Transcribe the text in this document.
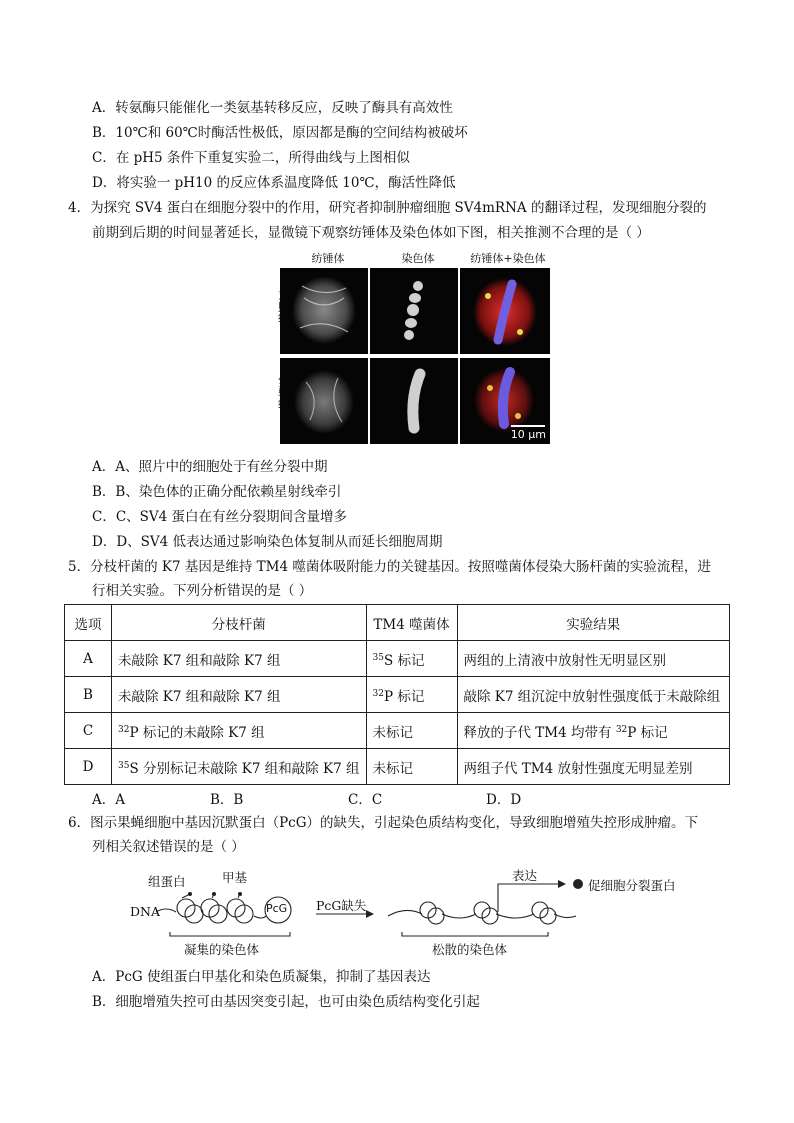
A．转氨酶只能催化一类氨基转移反应，反映了酶具有高效性
B．10℃和 60℃时酶活性极低，原因都是酶的空间结构被破坏
C．在 pH5 条件下重复实验二，所得曲线与上图相似
D．将实验一 pH10 的反应体系温度降低 10℃，酶活性降低
4．为探究 SV4 蛋白在细胞分裂中的作用，研究者抑制肿瘤细胞 SV4mRNA 的翻译过程，发现细胞分裂的
前期到后期的时间显著延长，显微镜下观察纺锤体及染色体如下图，相关推测不合理的是（ ）
纺锤体	染色体	纺锤体+染色体
10 μm
A．A、照片中的细胞处于有丝分裂中期
B．B、染色体的正确分配依赖星射线牵引
C．C、SV4 蛋白在有丝分裂期间含量增多
D．D、SV4 低表达通过影响染色体复制从而延长细胞周期
5．分枝杆菌的 K7 基因是维持 TM4 噬菌体吸附能力的关键基因。按照噬菌体侵染大肠杆菌的实验流程，进
行相关实验。下列分析错误的是（ ）
选项	分枝杆菌	TM4 噬菌体	实验结果
A	未敲除 K7 组和敲除 K7 组	$^{35}$S 标记	两组的上清液中放射性无明显区别
B	未敲除 K7 组和敲除 K7 组	$^{32}$P 标记	敲除 K7 组沉淀中放射性强度低于未敲除组
C	$^{32}$P 标记的未敲除 K7 组	未标记	释放的子代 TM4 均带有 $^{32}$P 标记
D	$^{35}$S 分别标记未敲除 K7 组和敲除 K7 组	未标记	两组子代 TM4 放射性强度无明显差别
A．A	B．B	C．C	D．D
6．图示果蝇细胞中基因沉默蛋白（PcG）的缺失，引起染色质结构变化，导致细胞增殖失控形成肿瘤。下
列相关叙述错误的是（ ）
DNA
组蛋白	甲基
PcG PcG缺失
凝集的染色体	松散的染色体
表达
促细胞分裂蛋白
A．PcG 使组蛋白甲基化和染色质凝集，抑制了基因表达
B．细胞增殖失控可由基因突变引起，也可由染色质结构变化引起
